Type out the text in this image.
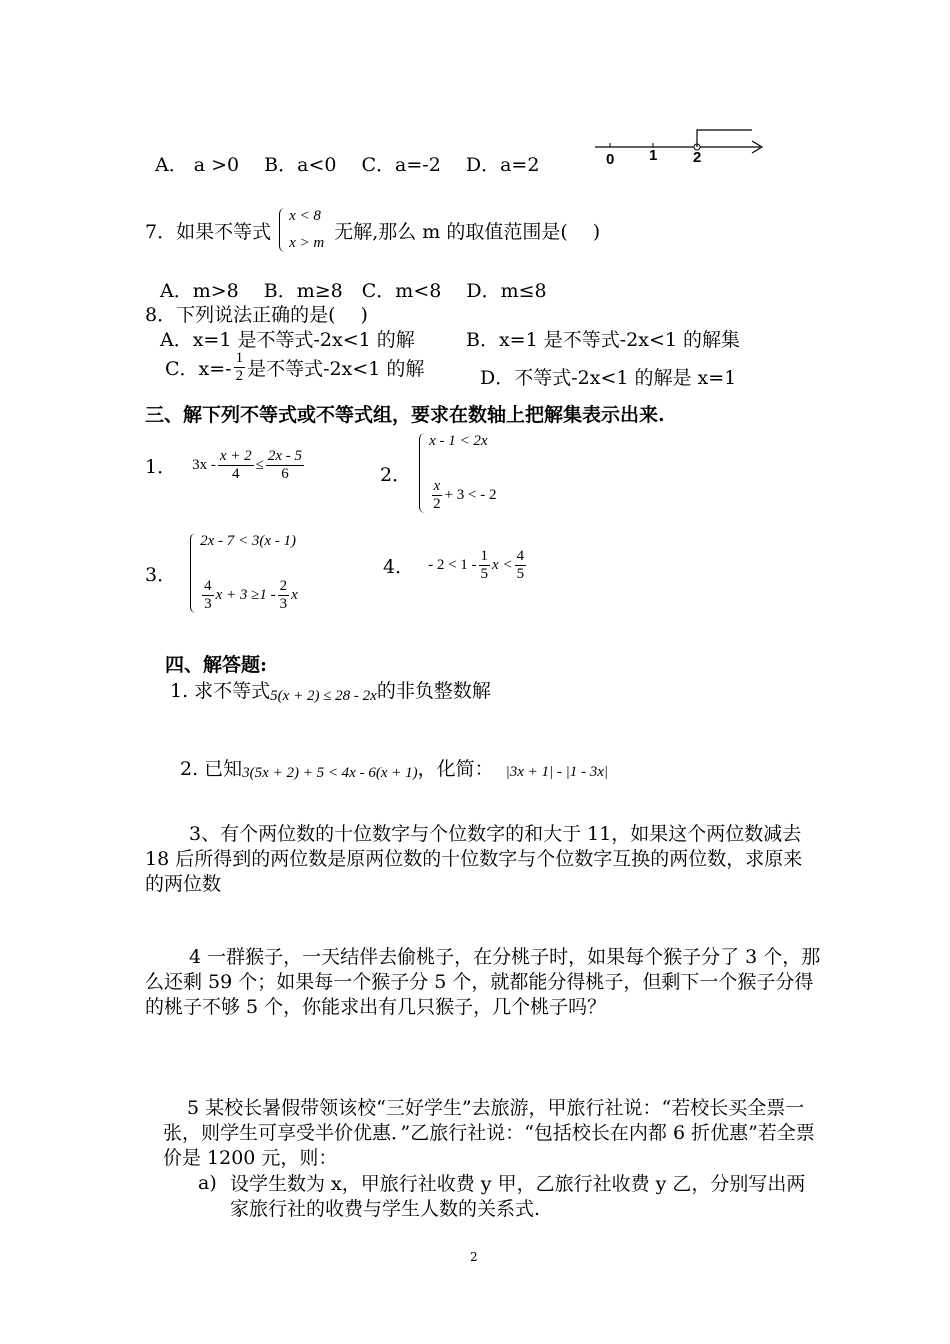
A． a >0　 B．a<0　 C．a=-2　 D．a=2	0 1 2
7．如果不等式
x < 8
x > m
无解,那么 m 的取值范围是(　 )
A．m>8　 B．m≥8　C．m<8　 D．m≤8
8．下列说法正确的是(　 )
A．x=1 是不等式-2x<1 的解	B．x=1 是不等式-2x<1 的解集
C．$x=- \frac{1}{2}$ 是不等式-2x<1 的解	D．不等式-2x<1 的解是 x=1
三、解下列不等式或不等式组，要求在数轴上把解集表示出来.
1． $3x - \frac{x + 2}{4} \le \frac{2x - 5}{6}$	2．
x - 1 < 2x
$\frac{x}{2} + 3$ < - 2
3．
2x - 7 < 3(x - 1)
$\frac{4}{3}$ $x + 3 \ge 1 - \frac{2}{3}$ x
4． - $2 < 1 - \frac{1}{5}$ $x < \frac{4}{5}$
四、解答题:
1. 求不等式 5(x + 2) ≤ 28 - 2x 的非负整数解
2. 已知 3(5x + 2) + 5 < 4x - 6(x + 1) ，化简： |3x + 1| - |1 - 3x|
3、有个两位数的十位数字与个位数字的和大于 11，如果这个两位数减去 18 后所得到的两位数是原两位数的十位数字与个位数字互换的两位数，求原来的两位数
4 一群猴子，一天结伴去偷桃子，在分桃子时，如果每个猴子分了 3 个，那么还剩 59 个；如果每一个猴子分 5 个，就都能分得桃子，但剩下一个猴子分得的桃子不够 5 个，你能求出有几只猴子，几个桃子吗？
5 某校长暑假带领该校“三好学生”去旅游，甲旅行社说：“若校长买全票一张，则学生可享受半价优惠．”乙旅行社说：“包括校长在内都 6 折优惠”若全票价是 1200 元，则：
a) 设学生数为 x，甲旅行社收费 y 甲，乙旅行社收费 y 乙，分别写出两家旅行社的收费与学生人数的关系式.
2
